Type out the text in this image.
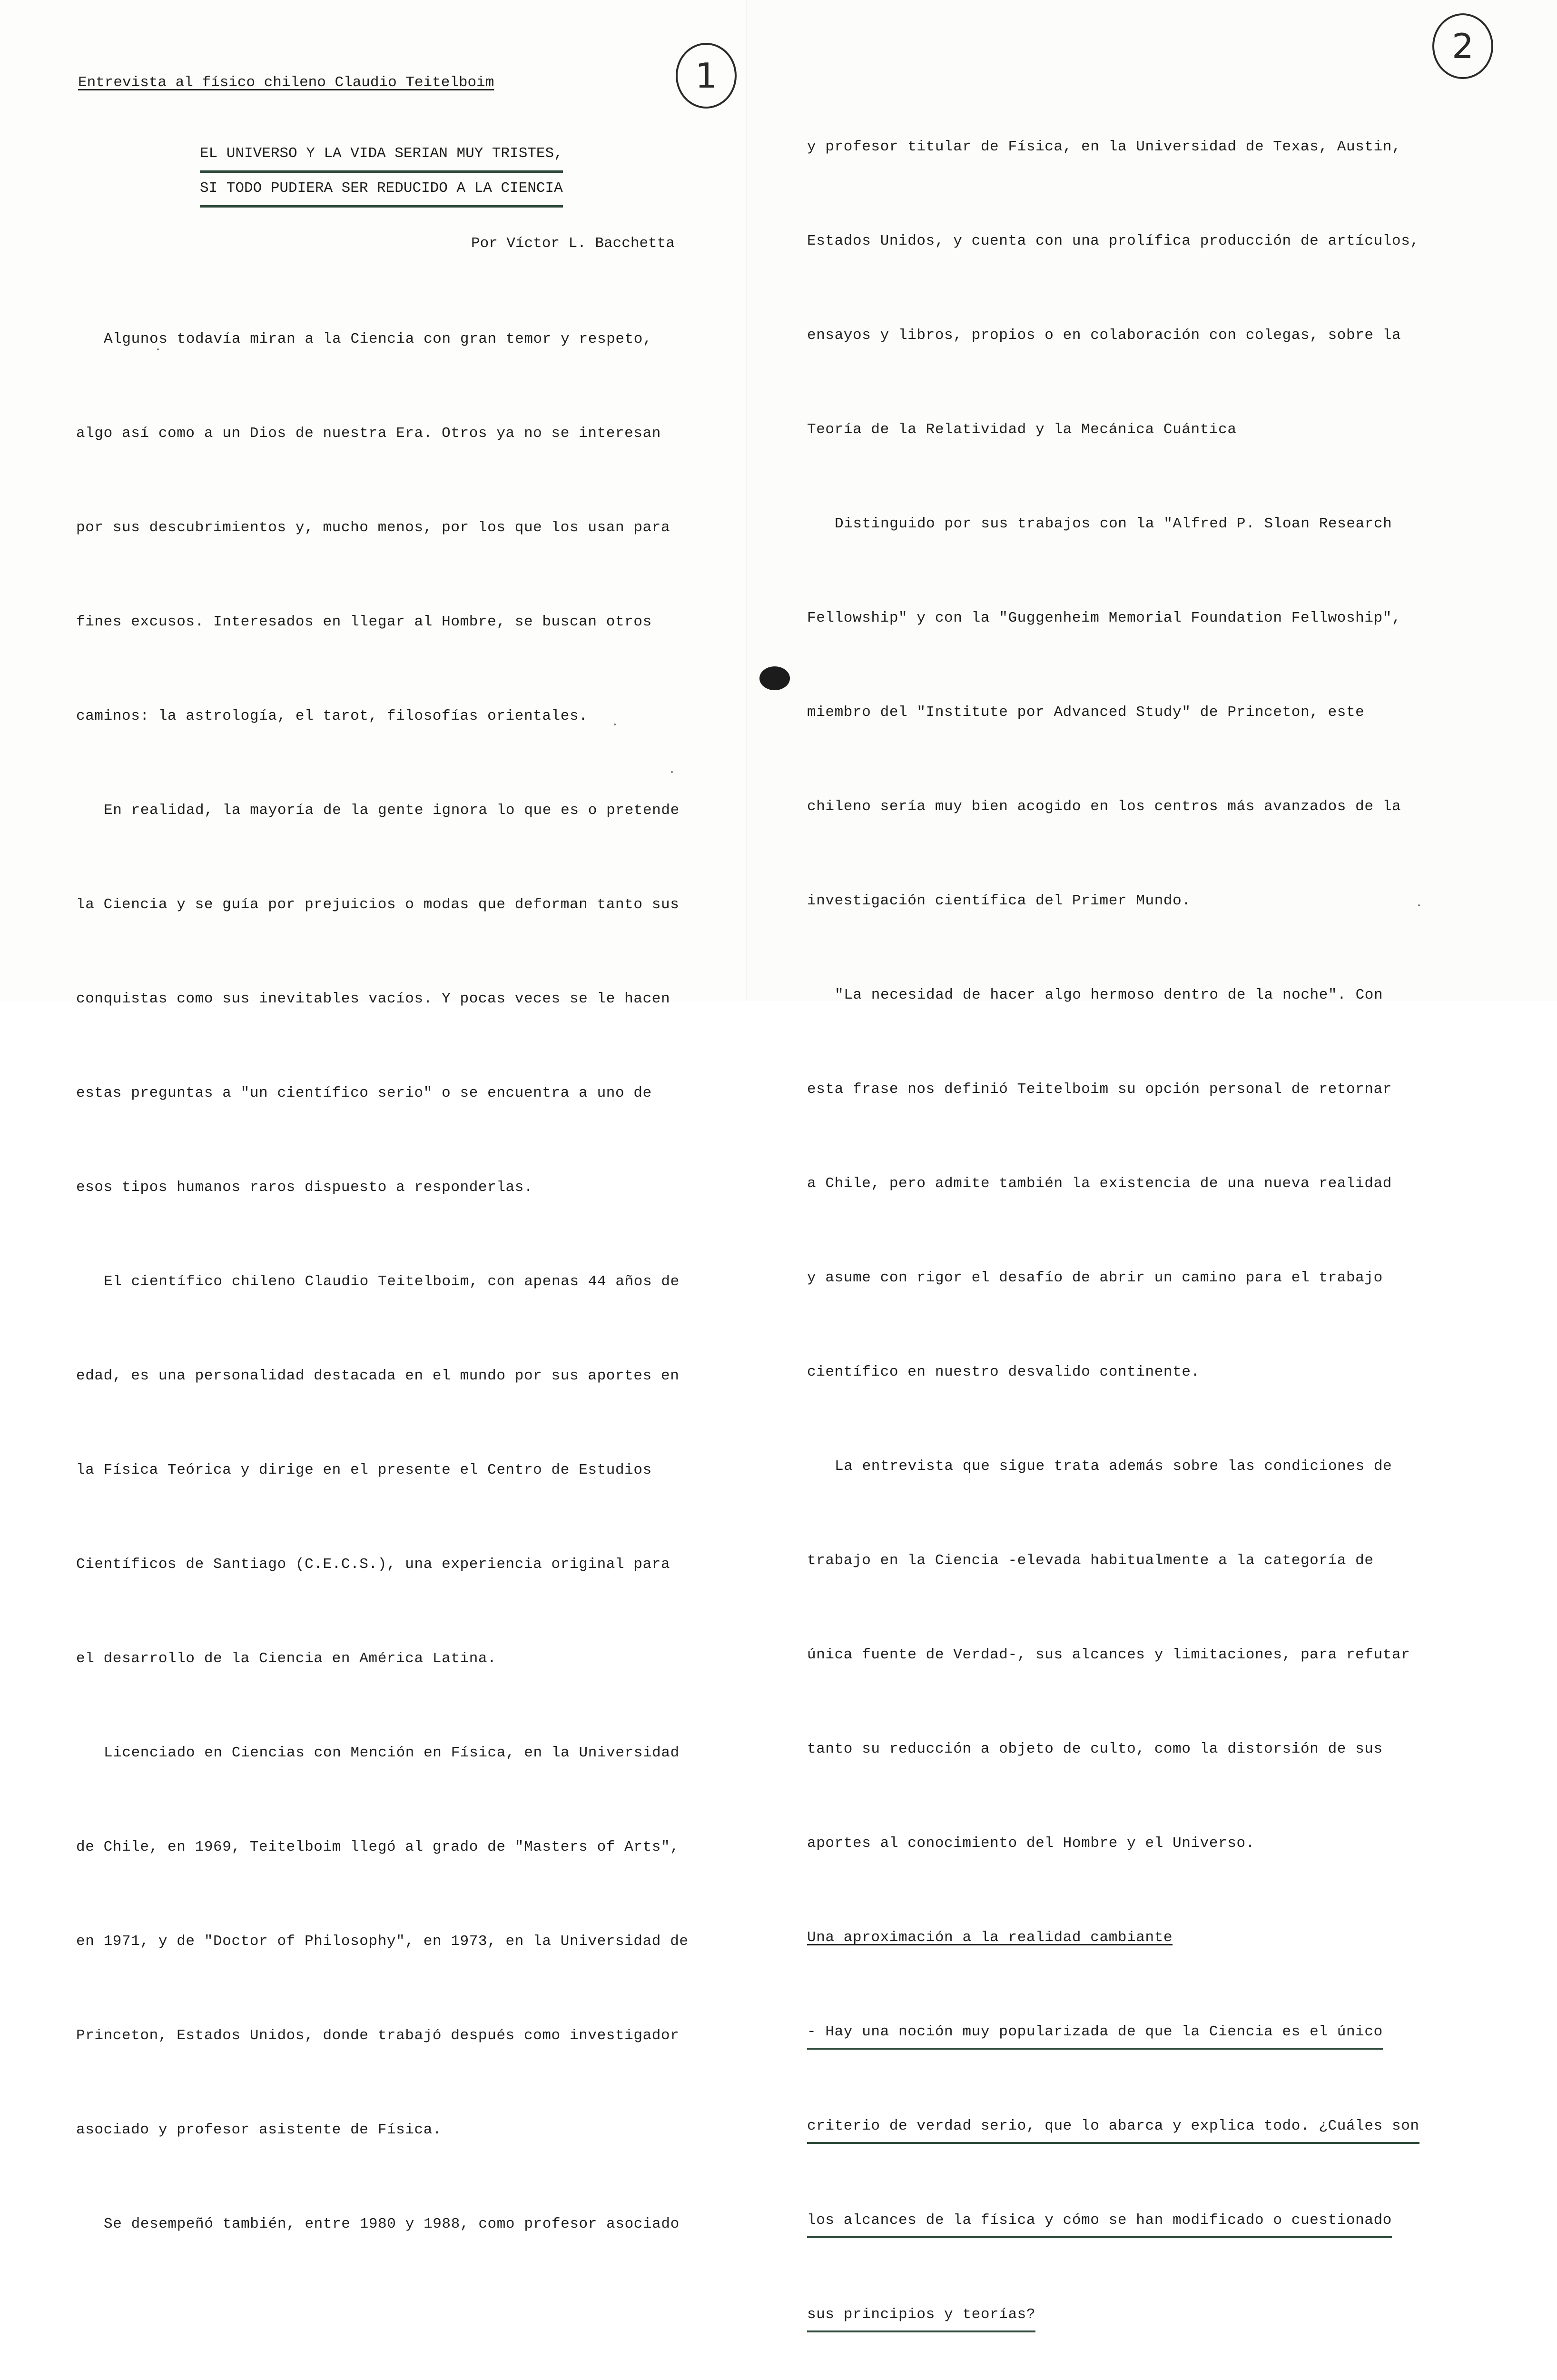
1
Entrevista al físico chileno Claudio Teitelboim
EL UNIVERSO Y LA VIDA SERIAN MUY TRISTES,
SI TODO PUDIERA SER REDUCIDO A LA CIENCIA
Por Víctor L. Bacchetta

Algunos todavía miran a la Ciencia con gran temor y respeto,

algo así como a un Dios de nuestra Era. Otros ya no se interesan

por sus descubrimientos y, mucho menos, por los que los usan para

fines excusos. Interesados en llegar al Hombre, se buscan otros

caminos: la astrología, el tarot, filosofías orientales.

En realidad, la mayoría de la gente ignora lo que es o pretende

la Ciencia y se guía por prejuicios o modas que deforman tanto sus

conquistas como sus inevitables vacíos. Y pocas veces se le hacen

estas preguntas a "un científico serio" o se encuentra a uno de

esos tipos humanos raros dispuesto a responderlas.

El científico chileno Claudio Teitelboim, con apenas 44 años de

edad, es una personalidad destacada en el mundo por sus aportes en

la Física Teórica y dirige en el presente el Centro de Estudios

Científicos de Santiago (C.E.C.S.), una experiencia original para

el desarrollo de la Ciencia en América Latina.

Licenciado en Ciencias con Mención en Física, en la Universidad

de Chile, en 1969, Teitelboim llegó al grado de "Masters of Arts",

en 1971, y de "Doctor of Philosophy", en 1973, en la Universidad de

Princeton, Estados Unidos, donde trabajó después como investigador

asociado y profesor asistente de Física.

Se desempeñó también, entre 1980 y 1988, como profesor asociado

2

y profesor titular de Física, en la Universidad de Texas, Austin,

Estados Unidos, y cuenta con una prolífica producción de artículos,

ensayos y libros, propios o en colaboración con colegas, sobre la

Teoría de la Relatividad y la Mecánica Cuántica

Distinguido por sus trabajos con la "Alfred P. Sloan Research

Fellowship" y con la "Guggenheim Memorial Foundation Fellwoship",

miembro del "Institute por Advanced Study" de Princeton, este

chileno sería muy bien acogido en los centros más avanzados de la

investigación científica del Primer Mundo.

"La necesidad de hacer algo hermoso dentro de la noche". Con

esta frase nos definió Teitelboim su opción personal de retornar

a Chile, pero admite también la existencia de una nueva realidad

y asume con rigor el desafío de abrir un camino para el trabajo

científico en nuestro desvalido continente.

La entrevista que sigue trata además sobre las condiciones de

trabajo en la Ciencia -elevada habitualmente a la categoría de

única fuente de Verdad-, sus alcances y limitaciones, para refutar

tanto su reducción a objeto de culto, como la distorsión de sus

aportes al conocimiento del Hombre y el Universo.

Una aproximación a la realidad cambiante

- Hay una noción muy popularizada de que la Ciencia es el único

criterio de verdad serio, que lo abarca y explica todo. ¿Cuáles son

los alcances de la física y cómo se han modificado o cuestionado

sus principios y teorías?
